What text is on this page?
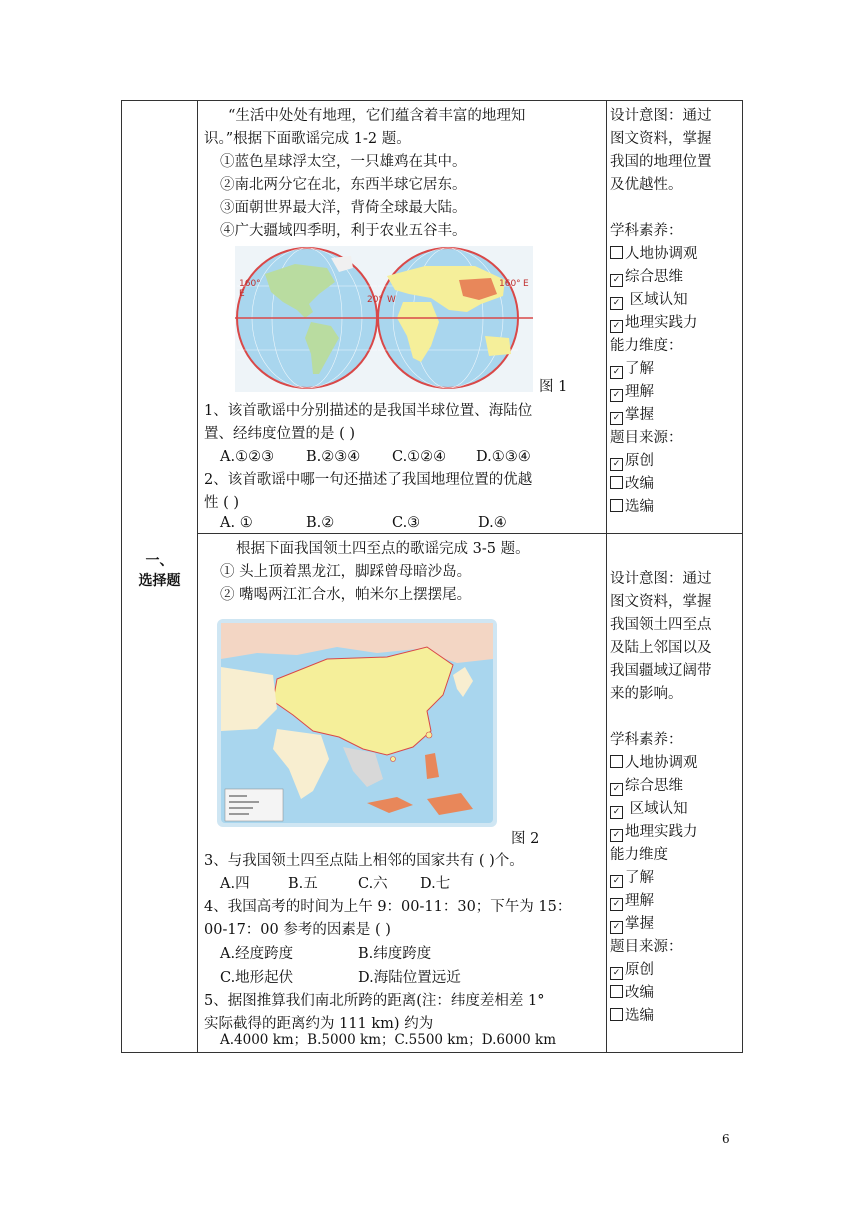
一、
选择题
“生活中处处有地理，它们蕴含着丰富的地理知
识。”根据下面歌谣完成 1-2 题。
①蓝色星球浮太空，一只雄鸡在其中。
②南北两分它在北，东西半球它居东。
③面朝世界最大洋，背倚全球最大陆。
④广大疆域四季明，利于农业五谷丰。
160°
E
20° W
160° E
图 1
1、该首歌谣中分别描述的是我国半球位置、海陆位
置、经纬度位置的是 ( )
A.①②③ B.②③④ C.①②④ D.①③④
2、该首歌谣中哪一句还描述了我国地理位置的优越
性 ( )
A. ①	B.②	C.③	D.④
设计意图：通过
图文资料，掌握
我国的地理位置
及优越性。
学科素养：
人地协调观
✓ 综合思维
✓ 区域认知
✓ 地理实践力
能力维度：
✓ 了解
✓ 理解
✓ 掌握
题目来源：
✓ 原创
改编
选编
根据下面我国领土四至点的歌谣完成 3-5 题。
① 头上顶着黑龙江，脚踩曾母暗沙岛。
② 嘴喝两江汇合水，帕米尔上摆摆尾。
图 2
3、与我国领土四至点陆上相邻的国家共有 ( )个。
A.四	B.五	C.六 D.七
4、我国高考的时间为上午 9：00-11：30；下午为 15：
00-17：00 参考的因素是 ( )
A.经度跨度	B.纬度跨度
C.地形起伏	D.海陆位置远近
5、据图推算我们南北所跨的距离(注：纬度差相差 1°
实际截得的距离约为 111 km) 约为
A.4000 km；B.5000 km；C.5500 km；D.6000 km
设计意图：通过
图文资料，掌握
我国领土四至点
及陆上邻国以及
我国疆域辽阔带
来的影响。
学科素养：
人地协调观
✓ 综合思维
✓ 区域认知
✓ 地理实践力
能力维度
✓ 了解
✓ 理解
✓ 掌握
题目来源：
✓ 原创
改编
选编
6
